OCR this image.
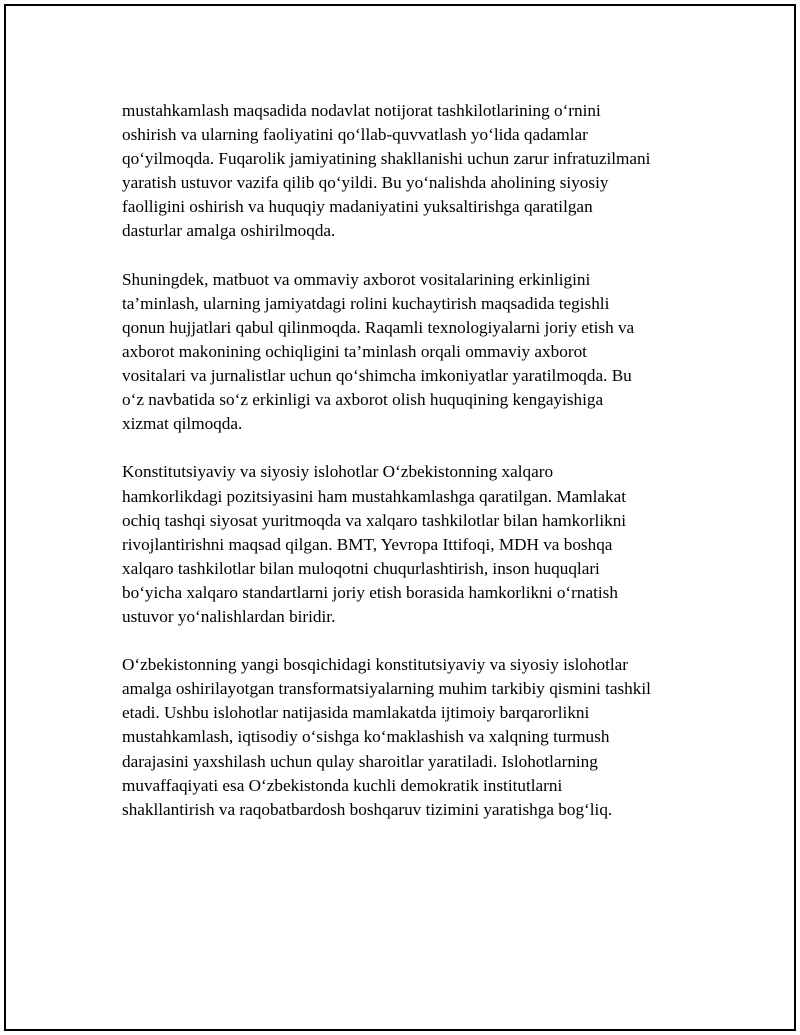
mustahkamlash maqsadida nodavlat notijorat tashkilotlarining o‘rnini
oshirish va ularning faoliyatini qo‘llab-quvvatlash yo‘lida qadamlar
qo‘yilmoqda. Fuqarolik jamiyatining shakllanishi uchun zarur infratuzilmani
yaratish ustuvor vazifa qilib qo‘yildi. Bu yo‘nalishda aholining siyosiy
faolligini oshirish va huquqiy madaniyatini yuksaltirishga qaratilgan
dasturlar amalga oshirilmoqda.

Shuningdek, matbuot va ommaviy axborot vositalarining erkinligini
ta’minlash, ularning jamiyatdagi rolini kuchaytirish maqsadida tegishli
qonun hujjatlari qabul qilinmoqda. Raqamli texnologiyalarni joriy etish va
axborot makonining ochiqligini ta’minlash orqali ommaviy axborot
vositalari va jurnalistlar uchun qo‘shimcha imkoniyatlar yaratilmoqda. Bu
o‘z navbatida so‘z erkinligi va axborot olish huquqining kengayishiga
xizmat qilmoqda.

Konstitutsiyaviy va siyosiy islohotlar O‘zbekistonning xalqaro
hamkorlikdagi pozitsiyasini ham mustahkamlashga qaratilgan. Mamlakat
ochiq tashqi siyosat yuritmoqda va xalqaro tashkilotlar bilan hamkorlikni
rivojlantirishni maqsad qilgan. BMT, Yevropa Ittifoqi, MDH va boshqa
xalqaro tashkilotlar bilan muloqotni chuqurlashtirish, inson huquqlari
bo‘yicha xalqaro standartlarni joriy etish borasida hamkorlikni o‘rnatish
ustuvor yo‘nalishlardan biridir.

O‘zbekistonning yangi bosqichidagi konstitutsiyaviy va siyosiy islohotlar
amalga oshirilayotgan transformatsiyalarning muhim tarkibiy qismini tashkil
etadi. Ushbu islohotlar natijasida mamlakatda ijtimoiy barqarorlikni
mustahkamlash, iqtisodiy o‘sishga ko‘maklashish va xalqning turmush
darajasini yaxshilash uchun qulay sharoitlar yaratiladi. Islohotlarning
muvaffaqiyati esa O‘zbekistonda kuchli demokratik institutlarni
shakllantirish va raqobatbardosh boshqaruv tizimini yaratishga bog‘liq.
